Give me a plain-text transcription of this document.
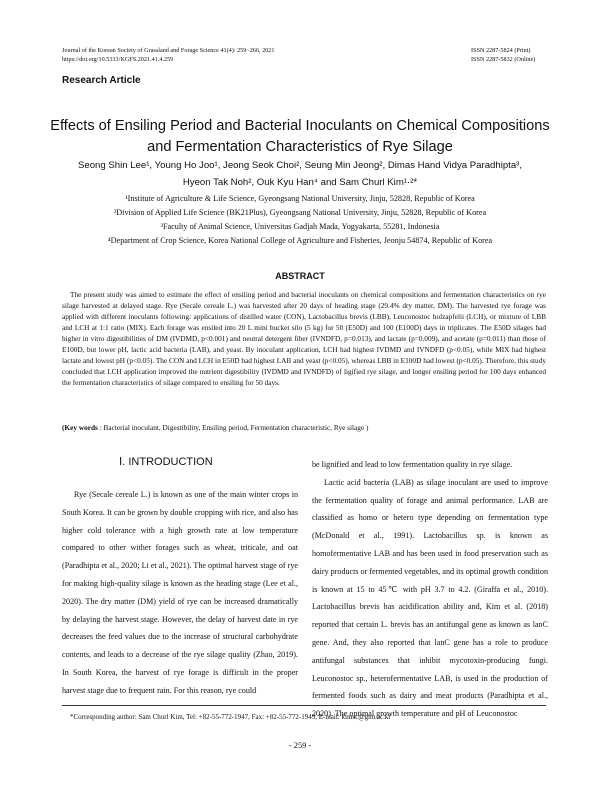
Journal of the Korean Society of Grassland and Forage Science 41(4): 259~266, 2021
https://doi.org/10.5333/KGFS.2021.41.4.259
ISSN 2287-5824 (Print)
ISSN 2287-5832 (Online)
Research Article
Effects of Ensiling Period and Bacterial Inoculants on Chemical Compositions
and Fermentation Characteristics of Rye Silage
Seong Shin Lee¹, Young Ho Joo¹, Jeong Seok Choi², Seung Min Jeong², Dimas Hand Vidya Paradhipta³,
Hyeon Tak Noh², Ouk Kyu Han⁴ and Sam Churl Kim¹·²*
¹Institute of Agriculture & Life Science, Gyeongsang National University, Jinju, 52828, Republic of Korea
²Division of Applied Life Science (BK21Plus), Gyeongsang National University, Jinju, 52828, Republic of Korea
³Faculty of Animal Science, Universitas Gadjah Mada, Yogyakarta, 55281, Indonesia
⁴Department of Crop Science, Korea National College of Agriculture and Fisheries, Jeonju 54874, Republic of Korea
ABSTRACT
The present study was aimed to estimate the effect of ensiling period and bacterial inoculants on chemical compositions and fermentation characteristics on rye silage harvested at delayed stage. Rye (Secale cereale L.) was harvested after 20 days of heading stage (29.4% dry matter, DM). The harvested rye forage was applied with different inoculants following: applications of distilled water (CON), Lactobacillus brevis (LBB), Leuconostoc holzapfelii (LCH), or mixture of LBB and LCH at 1:1 ratio (MIX). Each forage was ensiled into 20 L mini bucket silo (5 kg) for 50 (E50D) and 100 (E100D) days in triplicates. The E50D silages had higher in vitro digestibilities of DM (IVDMD, p<0.001) and neutral detergent fiber (IVNDFD, p=0.013), and lactate (p=0.009), and acetate (p=0.011) than those of E100D, but lower pH, lactic acid bacteria (LAB), and yeast. By inoculant application, LCH had highest IVDMD and IVNDFD (p<0.05), while MIX had highest lactate and lowest pH (p<0.05). The CON and LCH in E50D had highest LAB and yeast (p<0.05), whereas LBB in E100D had lowest (p<0.05). Therefore, this study concluded that LCH application improved the nutrient digestibility (IVDMD and IVNDFD) of ligified rye silage, and longer ensiling period for 100 days enhanced the fermentation characteristics of silage compared to ensiling for 50 days.
(Key words : Bacterial inoculant, Digestibility, Ensiling period, Fermentation characteristic, Rye silage )
Ⅰ. INTRODUCTION

Rye (Secale cereale L.) is known as one of the main winter crops in South Korea. It can be grown by double cropping with rice, and also has higher cold tolerance with a high growth rate at low temperature compared to other wither forages such as wheat, triticale, and oat (Paradhipta et al., 2020; Li et al., 2021). The optimal harvest stage of rye for making high-quality silage is known as the heading stage (Lee et al., 2020). The dry matter (DM) yield of rye can be increased dramatically by delaying the harvest stage. However, the delay of harvest date in rye decreases the feed values due to the increase of structural carbohydrate contents, and leads to a decrease of the rye silage quality (Zhao, 2019). In South Korea, the harvest of rye forage is difficult in the proper harvest stage due to frequent rain. For this reason, rye could

be lignified and lead to low fermentation quality in rye silage.

Lactic acid bacteria (LAB) as silage inoculant are used to improve the fermentation quality of forage and animal performance. LAB are classified as homo or hetero type depending on fermentation type (McDonald et al., 1991). Lactobacillus sp. is known as homofermentative LAB and has been used in food preservation such as dairy products or fermented vegetables, and its optimal growth condition is known at 15 to 45℃ with pH 3.7 to 4.2. (Giraffa et al., 2010). Lactobacillus brevis has acidification ability and, Kim et al. (2018) reported that certain L. brevis has an antifungal gene as known as lanC gene. And, they also reported that lanC gene has a role to produce antifungal substances that inhibit mycotoxin-producing fungi. Leuconostoc sp., heterofermentative LAB, is used in the production of fermented foods such as dairy and meat products (Paradhipta et al., 2020). The optimal growth temperature and pH of Leuconostoc

*Corresponding author: Sam Churl Kim, Tel: +82-55-772-1947, Fax: +82-55-772-1949, E-mail: kimsc@gnu.ac.kr
- 259 -
